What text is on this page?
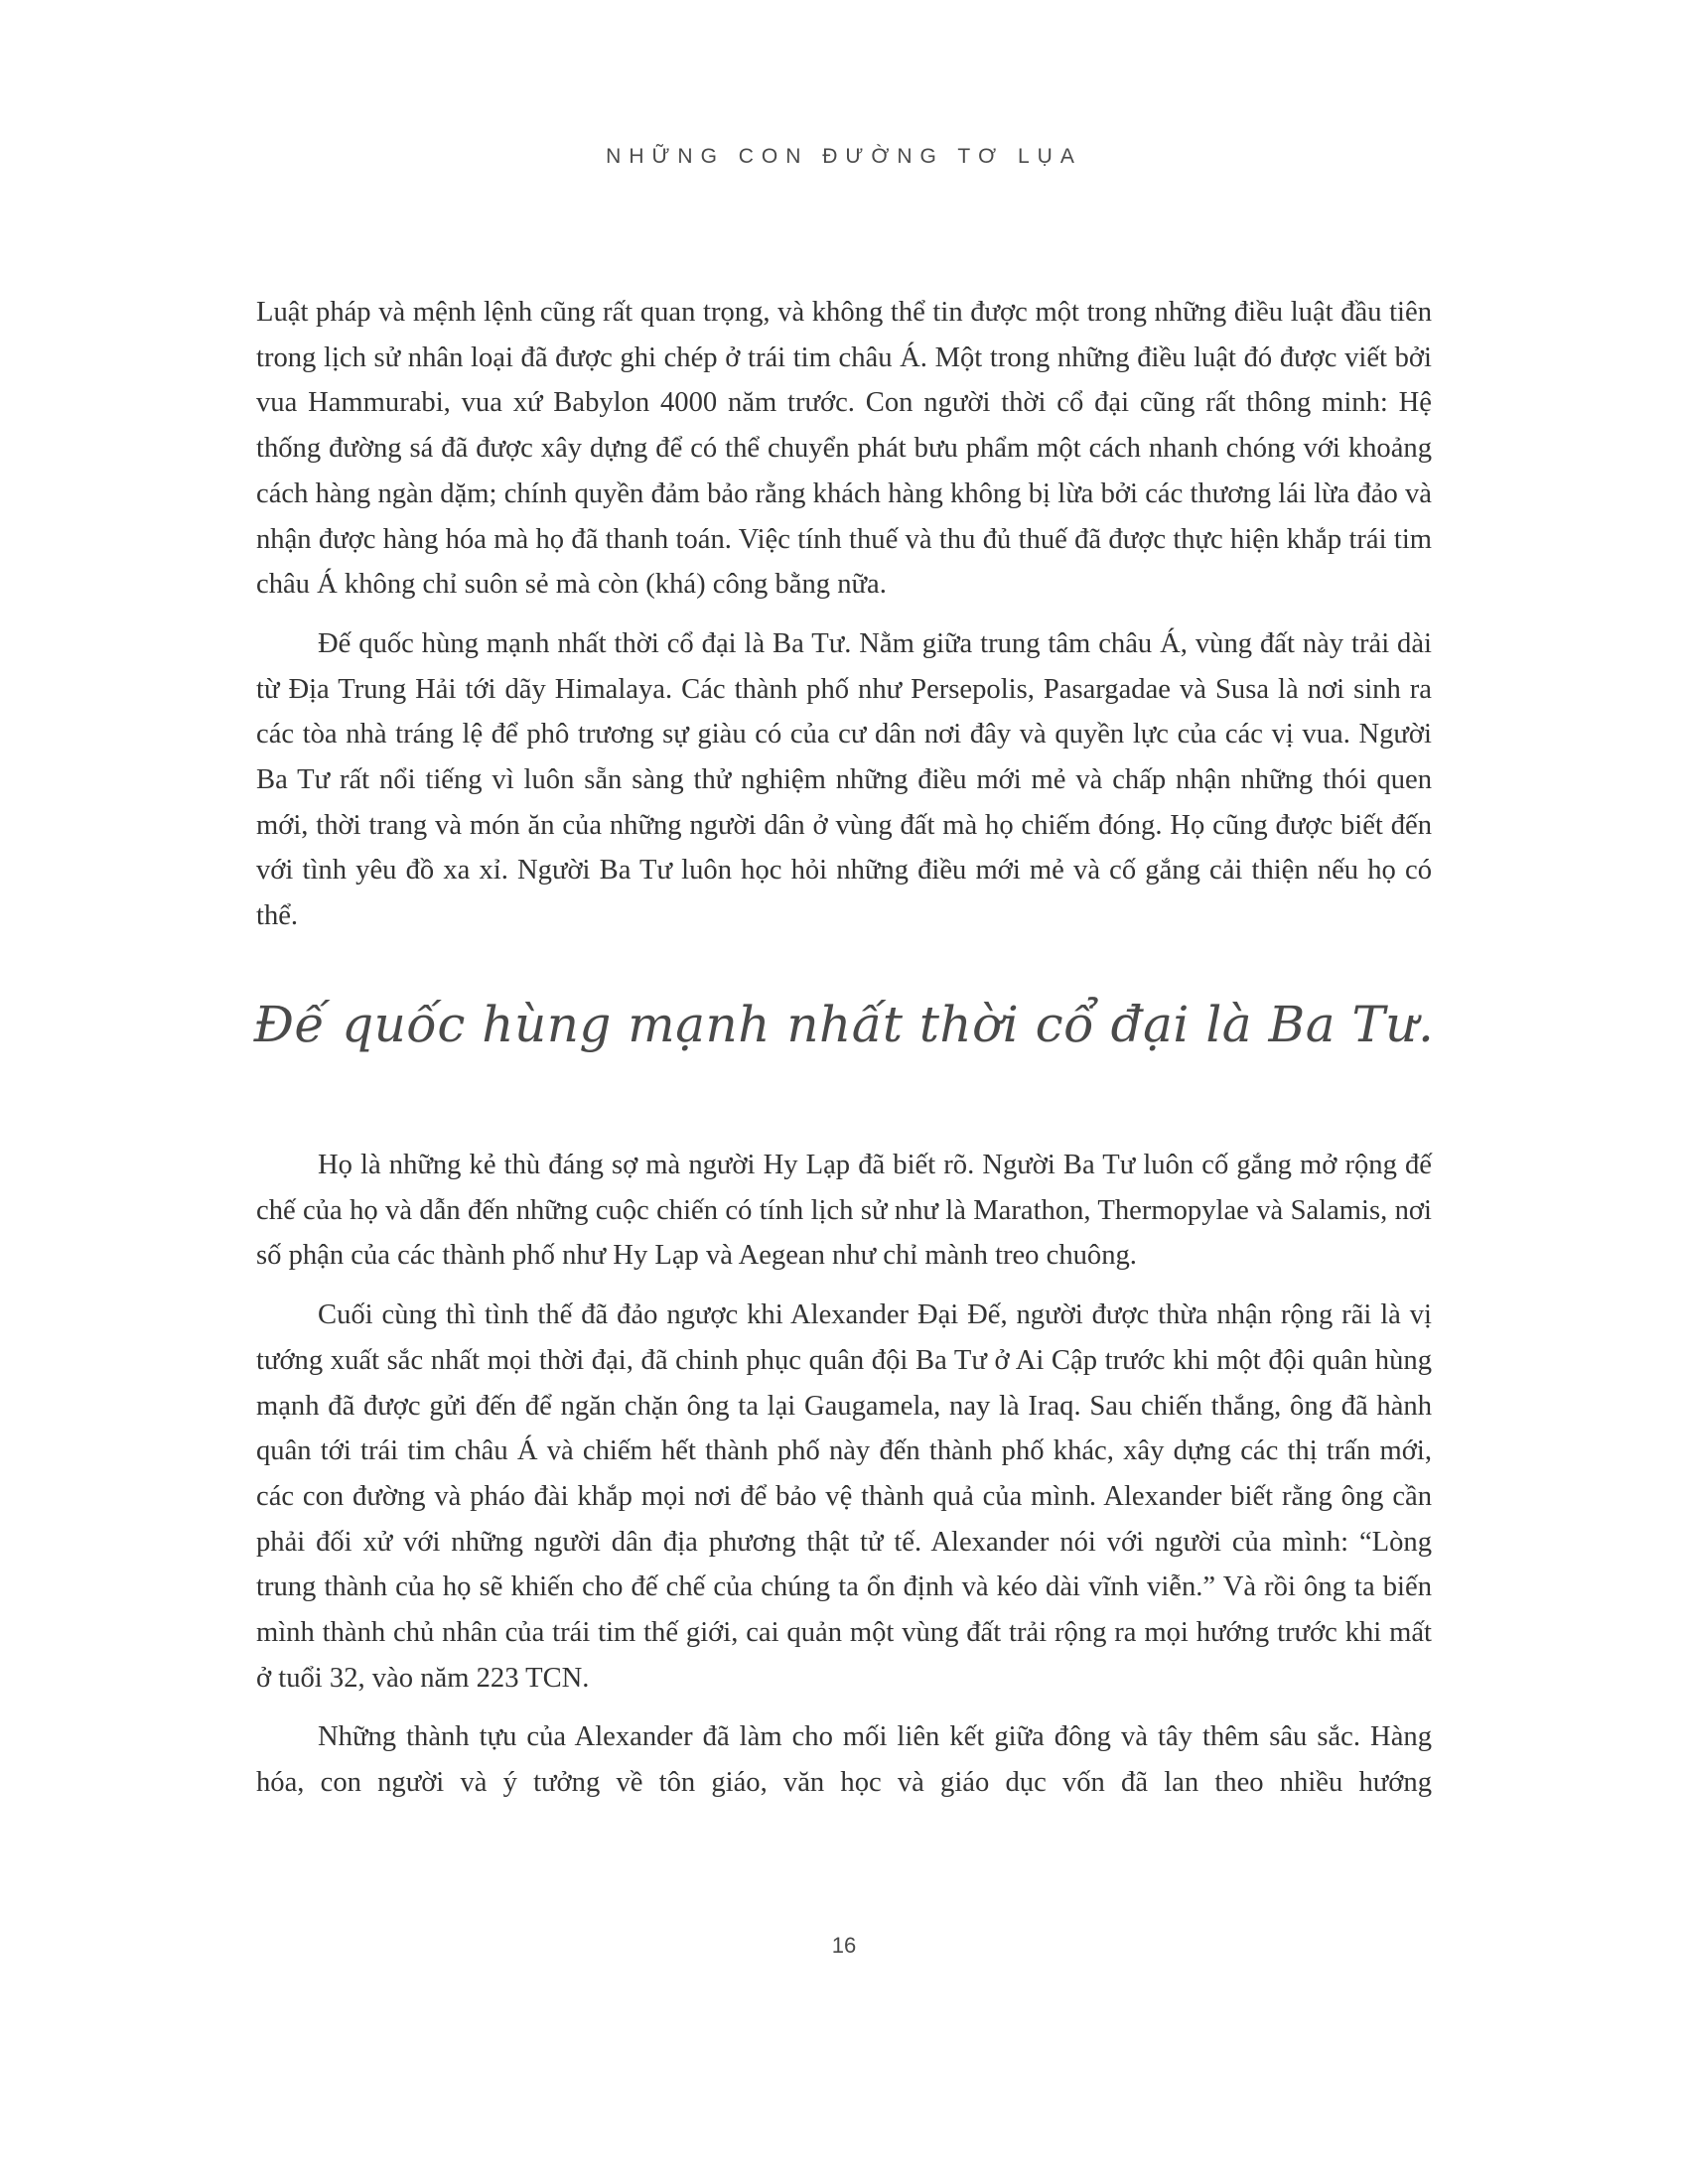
NHỮNG CON ĐƯỜNG TƠ LỤA

Luật pháp và mệnh lệnh cũng rất quan trọng, và không thể tin được một trong những điều luật đầu tiên trong lịch sử nhân loại đã được ghi chép ở trái tim châu Á. Một trong những điều luật đó được viết bởi vua Hammurabi, vua xứ Babylon 4000 năm trước. Con người thời cổ đại cũng rất thông minh: Hệ thống đường sá đã được xây dựng để có thể chuyển phát bưu phẩm một cách nhanh chóng với khoảng cách hàng ngàn dặm; chính quyền đảm bảo rằng khách hàng không bị lừa bởi các thương lái lừa đảo và nhận được hàng hóa mà họ đã thanh toán. Việc tính thuế và thu đủ thuế đã được thực hiện khắp trái tim châu Á không chỉ suôn sẻ mà còn (khá) công bằng nữa.

Đế quốc hùng mạnh nhất thời cổ đại là Ba Tư. Nằm giữa trung tâm châu Á, vùng đất này trải dài từ Địa Trung Hải tới dãy Himalaya. Các thành phố như Persepolis, Pasargadae và Susa là nơi sinh ra các tòa nhà tráng lệ để phô trương sự giàu có của cư dân nơi đây và quyền lực của các vị vua. Người Ba Tư rất nổi tiếng vì luôn sẵn sàng thử nghiệm những điều mới mẻ và chấp nhận những thói quen mới, thời trang và món ăn của những người dân ở vùng đất mà họ chiếm đóng. Họ cũng được biết đến với tình yêu đồ xa xỉ. Người Ba Tư luôn học hỏi những điều mới mẻ và cố gắng cải thiện nếu họ có thể.

Đế quốc hùng mạnh nhất thời cổ đại là Ba Tư.

Họ là những kẻ thù đáng sợ mà người Hy Lạp đã biết rõ. Người Ba Tư luôn cố gắng mở rộng đế chế của họ và dẫn đến những cuộc chiến có tính lịch sử như là Marathon, Thermopylae và Salamis, nơi số phận của các thành phố như Hy Lạp và Aegean như chỉ mành treo chuông.

Cuối cùng thì tình thế đã đảo ngược khi Alexander Đại Đế, người được thừa nhận rộng rãi là vị tướng xuất sắc nhất mọi thời đại, đã chinh phục quân đội Ba Tư ở Ai Cập trước khi một đội quân hùng mạnh đã được gửi đến để ngăn chặn ông ta lại Gaugamela, nay là Iraq. Sau chiến thắng, ông đã hành quân tới trái tim châu Á và chiếm hết thành phố này đến thành phố khác, xây dựng các thị trấn mới, các con đường và pháo đài khắp mọi nơi để bảo vệ thành quả của mình. Alexander biết rằng ông cần phải đối xử với những người dân địa phương thật tử tế. Alexander nói với người của mình: “Lòng trung thành của họ sẽ khiến cho đế chế của chúng ta ổn định và kéo dài vĩnh viễn.” Và rồi ông ta biến mình thành chủ nhân của trái tim thế giới, cai quản một vùng đất trải rộng ra mọi hướng trước khi mất ở tuổi 32, vào năm 223 TCN.

Những thành tựu của Alexander đã làm cho mối liên kết giữa đông và tây thêm sâu sắc. Hàng hóa, con người và ý tưởng về tôn giáo, văn học và giáo dục vốn đã lan theo nhiều hướng

16
